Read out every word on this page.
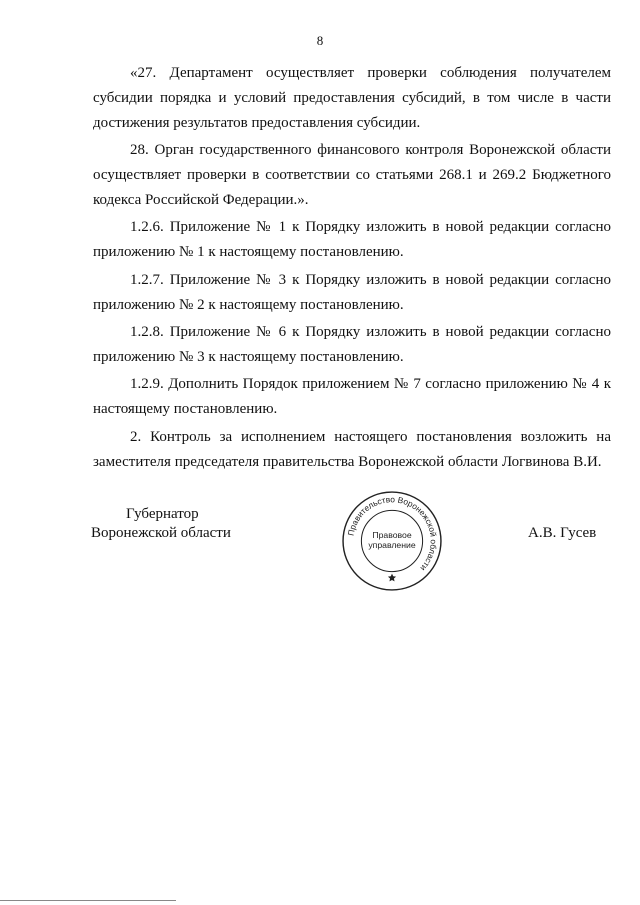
8

«27. Департамент осуществляет проверки соблюдения получателем субсидии порядка и условий предоставления субсидий, в том числе в части достижения результатов предоставления субсидии.

28. Орган государственного финансового контроля Воронежской области осуществляет проверки в соответствии со статьями 268.1 и 269.2 Бюджетного кодекса Российской Федерации.».

1.2.6. Приложение № 1 к Порядку изложить в новой редакции согласно приложению № 1 к настоящему постановлению.

1.2.7. Приложение № 3 к Порядку изложить в новой редакции согласно приложению № 2 к настоящему постановлению.

1.2.8. Приложение № 6 к Порядку изложить в новой редакции согласно приложению № 3 к настоящему постановлению.

1.2.9. Дополнить Порядок приложением № 7 согласно приложению № 4 к настоящему постановлению.

2. Контроль за исполнением настоящего постановления возложить на заместителя председателя правительства Воронежской области Логвинова В.И.

Губернатор
Воронежской области	А.В. Гусев
Правительство Воронежской области
Правовое
управление
